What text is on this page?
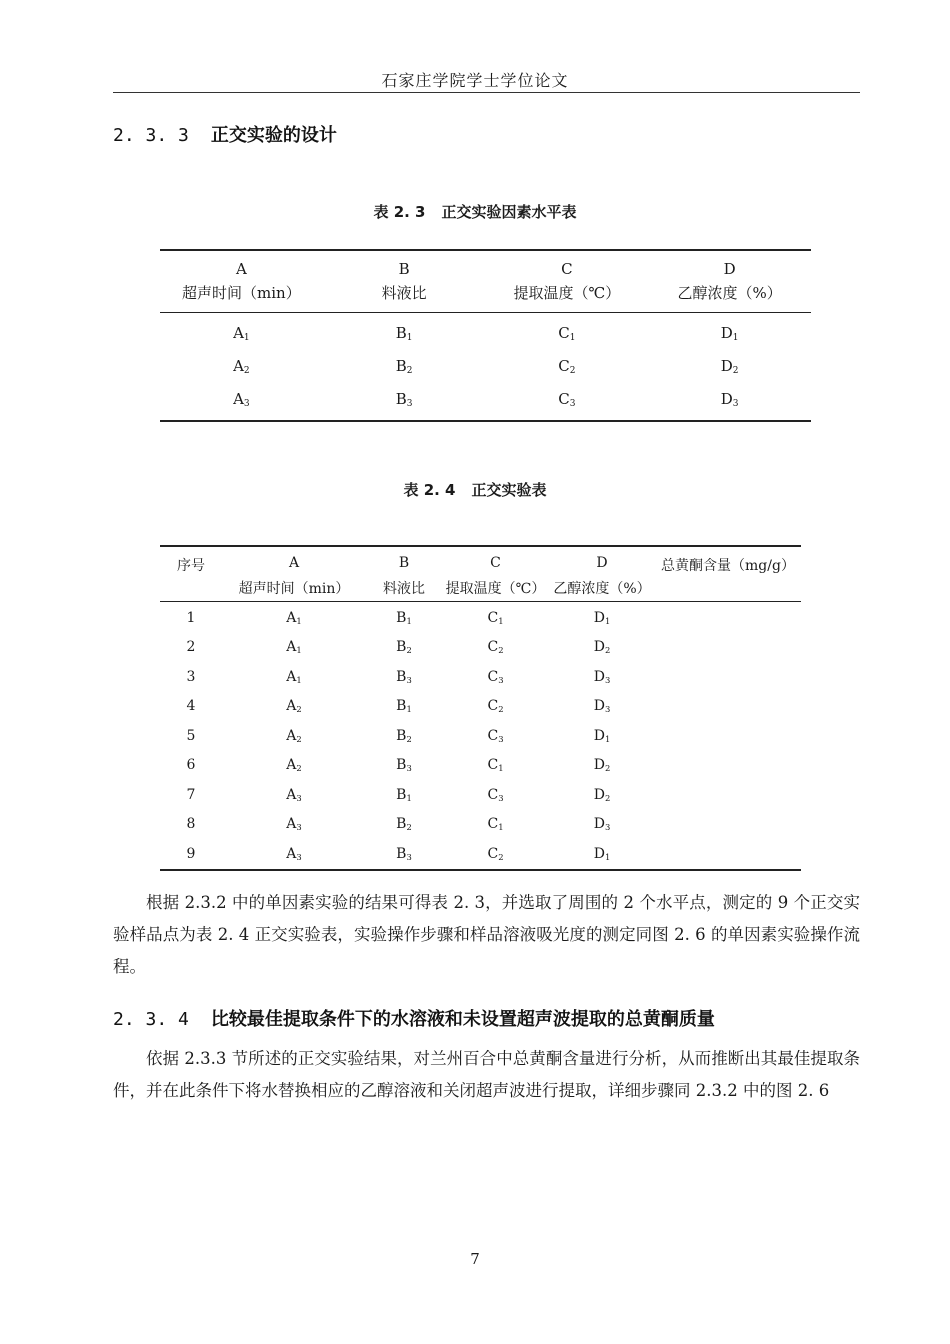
石家庄学院学士学位论文
2. 3. 3 正交实验的设计
表 2. 3 正交实验因素水平表
A	B	C	D
超声时间（min）	料液比	提取温度（℃）	乙醇浓度（%）
$A_1$	$B_1$	$C_1$	$D_1$
$A_2$	$B_2$	$C_2$	$D_2$
$A_3$	$B_3$	$C_3$	$D_3$
表 2. 4 正交实验表
序号	A	B	C	D	总黄酮含量（mg/g）
	超声时间（min）	料液比	提取温度（℃）	乙醇浓度（%）	
1	$A_1$	$B_1$	$C_1$	$D_1$	
2	$A_1$	$B_2$	$C_2$	$D_2$	
3	$A_1$	$B_3$	$C_3$	$D_3$	
4	$A_2$	$B_1$	$C_2$	$D_3$	
5	$A_2$	$B_2$	$C_3$	$D_1$	
6	$A_2$	$B_3$	$C_1$	$D_2$	
7	$A_3$	$B_1$	$C_3$	$D_2$	
8	$A_3$	$B_2$	$C_1$	$D_3$	
9	$A_3$	$B_3$	$C_2$	$D_1$	

根据 2.3.2 中的单因素实验的结果可得表 2. 3，并选取了周围的 2 个水平点，测定的 9 个正交实验样品点为表 2. 4 正交实验表，实验操作步骤和样品溶液吸光度的测定同图 2. 6 的单因素实验操作流程。

2. 3. 4 比较最佳提取条件下的水溶液和未设置超声波提取的总黄酮质量

依据 2.3.3 节所述的正交实验结果，对兰州百合中总黄酮含量进行分析，从而推断出其最佳提取条件，并在此条件下将水替换相应的乙醇溶液和关闭超声波进行提取，详细步骤同 2.3.2 中的图 2. 6

7
